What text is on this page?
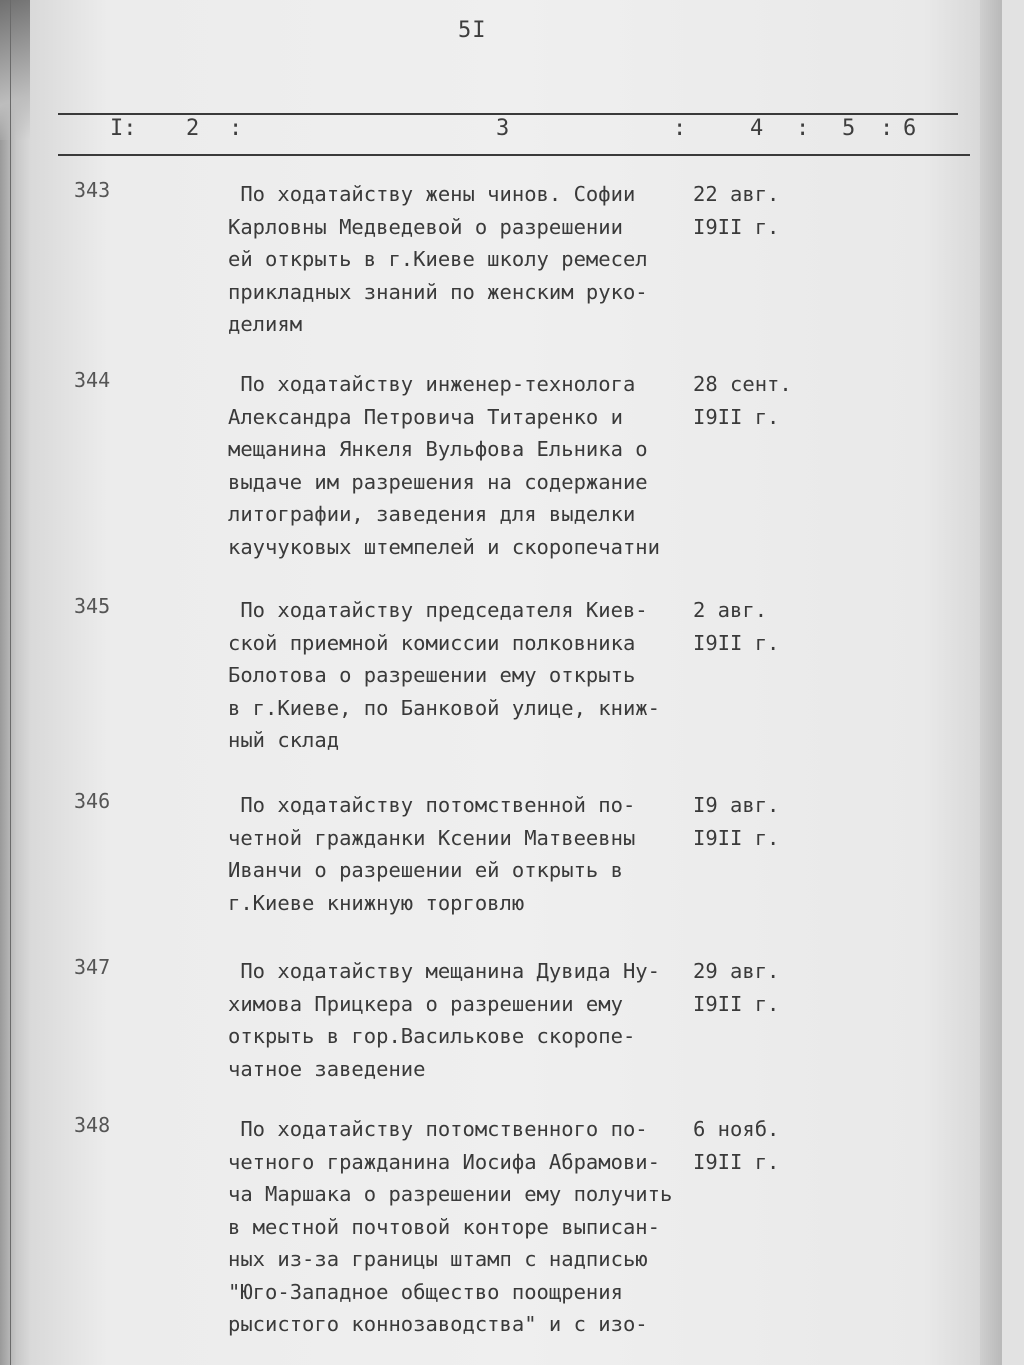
5I
I: 2 :	3	:	4 : 5 : 6
343	По ходатайству жены чинов. Софии
Карловны Медведевой о разрешении
ей открыть в г.Киеве школу ремесел
прикладных знаний по женским руко-
делиям
22 авг.
I9II г.
344	По ходатайству инженер-технолога
Александра Петровича Титаренко и
мещанина Янкеля Вульфова Ельника о
выдаче им разрешения на содержание
литографии, заведения для выделки
каучуковых штемпелей и скоропечатни
28 сент.
I9II г.
345	По ходатайству председателя Киев-
ской приемной комиссии полковника
Болотова о разрешении ему открыть
в г.Киеве, по Банковой улице, книж-
ный склад
2 авг.
I9II г.
346	По ходатайству потомственной по-
четной гражданки Ксении Матвеевны
Иванчи о разрешении ей открыть в
г.Киеве книжную торговлю
I9 авг.
I9II г.
347	По ходатайству мещанина Дувида Ну-
химова Прицкера о разрешении ему
открыть в гор.Василькове скоропе-
чатное заведение
29 авг.
I9II г.
348	По ходатайству потомственного по-
четного гражданина Иосифа Абрамови-
ча Маршака о разрешении ему получить
в местной почтовой конторе выписан-
ных из-за границы штамп с надписью
"Юго-Западное общество поощрения
рысистого коннозаводства" и с изо-
6 нояб.
I9II г.
